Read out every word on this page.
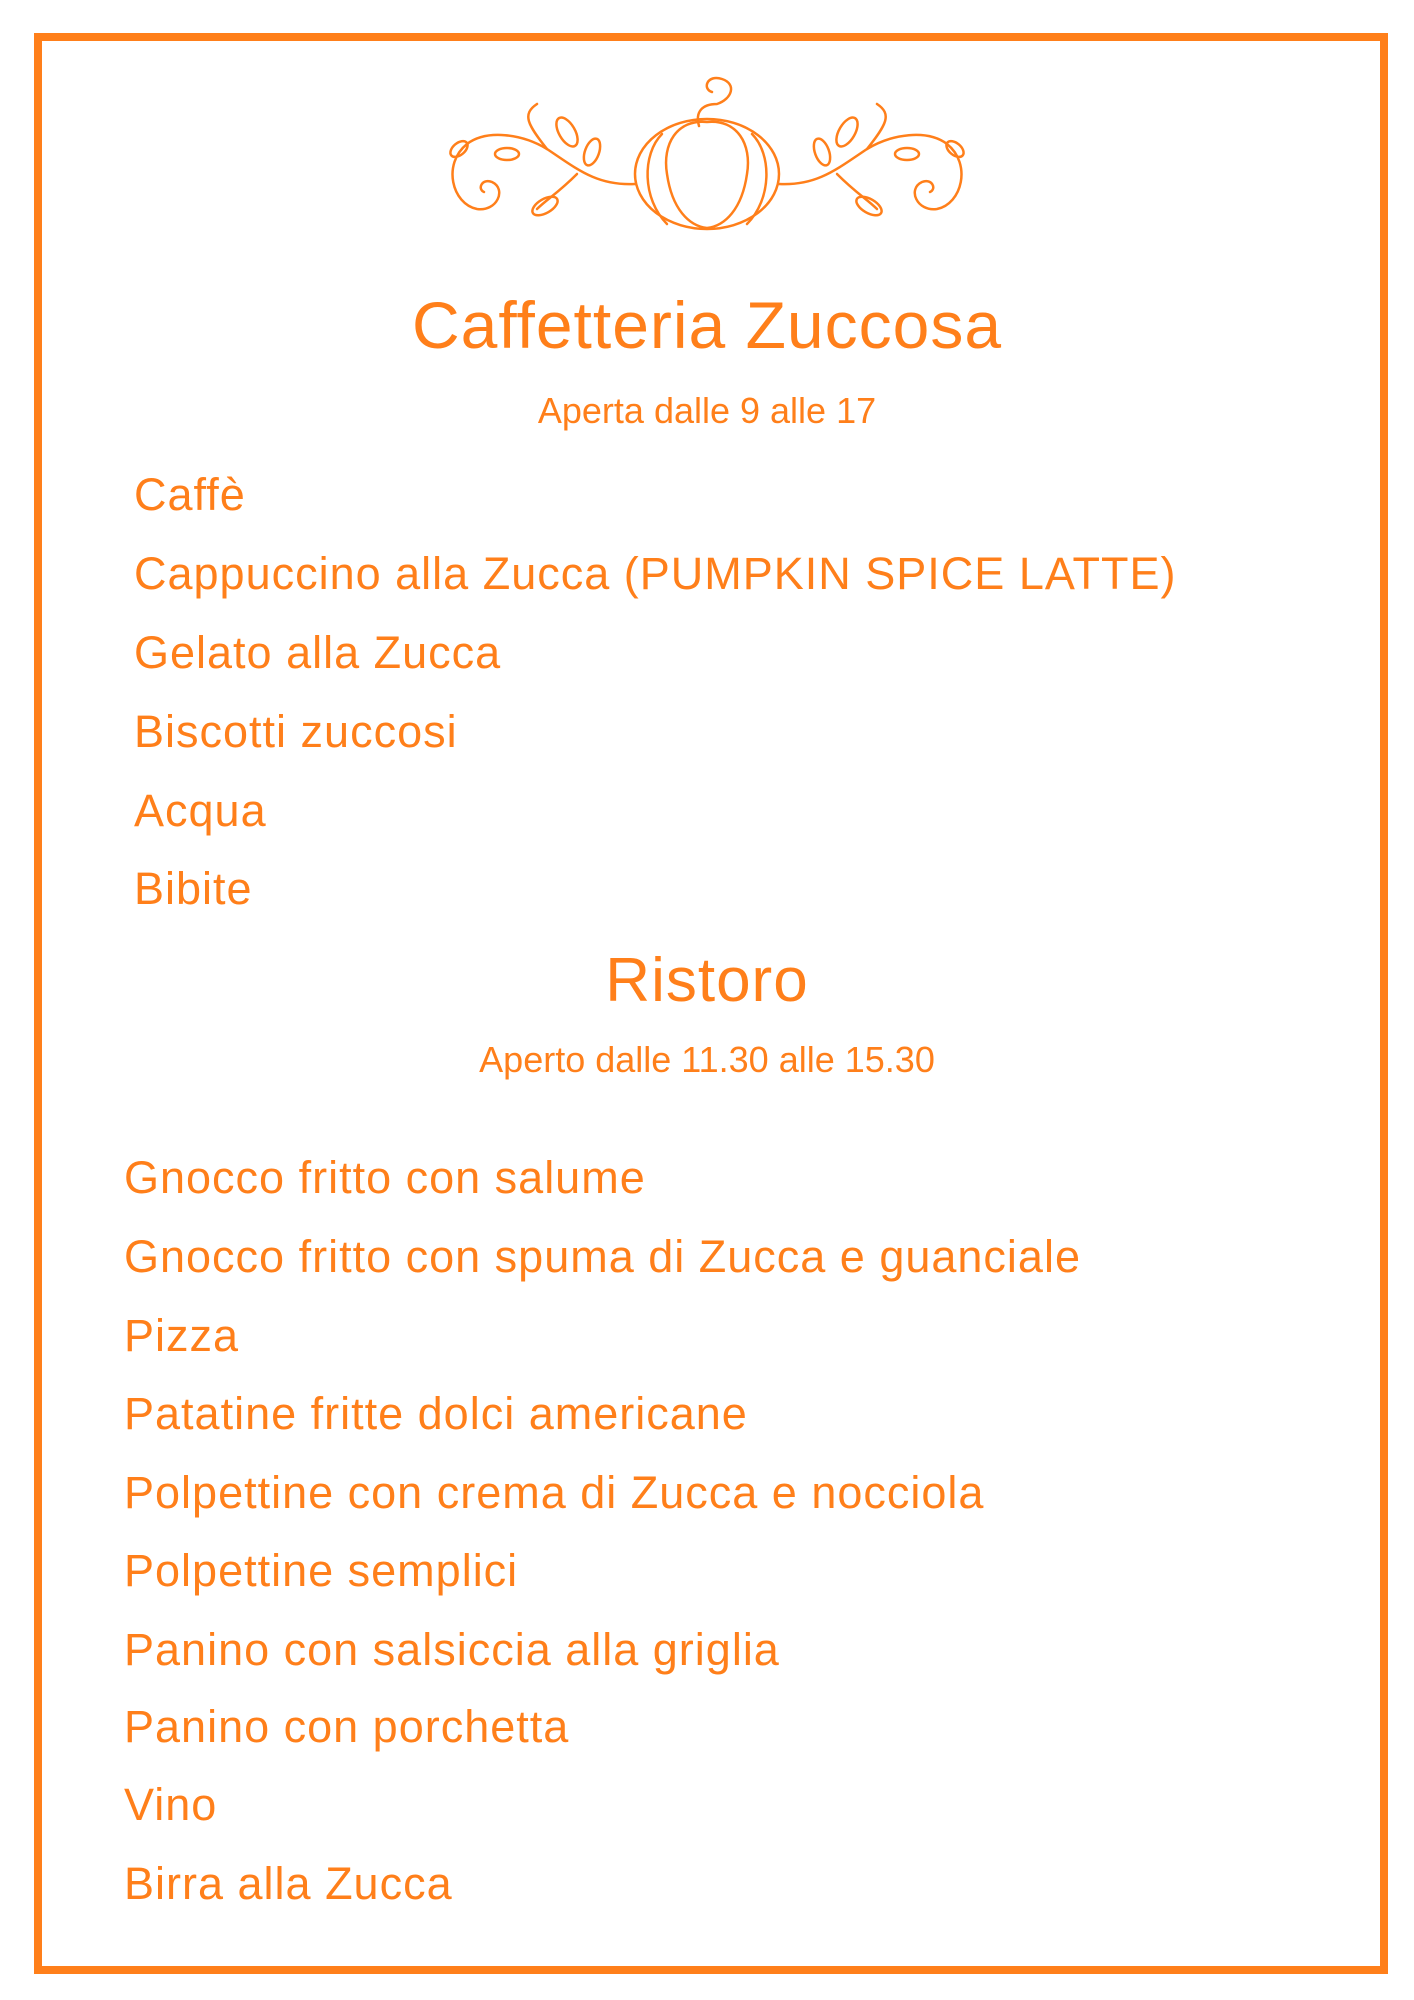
Caffetteria Zuccosa
Aperta dalle 9 alle 17
Caffè
Cappuccino alla Zucca (PUMPKIN SPICE LATTE)
Gelato alla Zucca
Biscotti zuccosi
Acqua
Bibite
Ristoro
Aperto dalle 11.30 alle 15.30
Gnocco fritto con salume
Gnocco fritto con spuma di Zucca e guanciale
Pizza
Patatine fritte dolci americane
Polpettine con crema di Zucca e nocciola
Polpettine semplici
Panino con salsiccia alla griglia
Panino con porchetta
Vino
Birra alla Zucca
